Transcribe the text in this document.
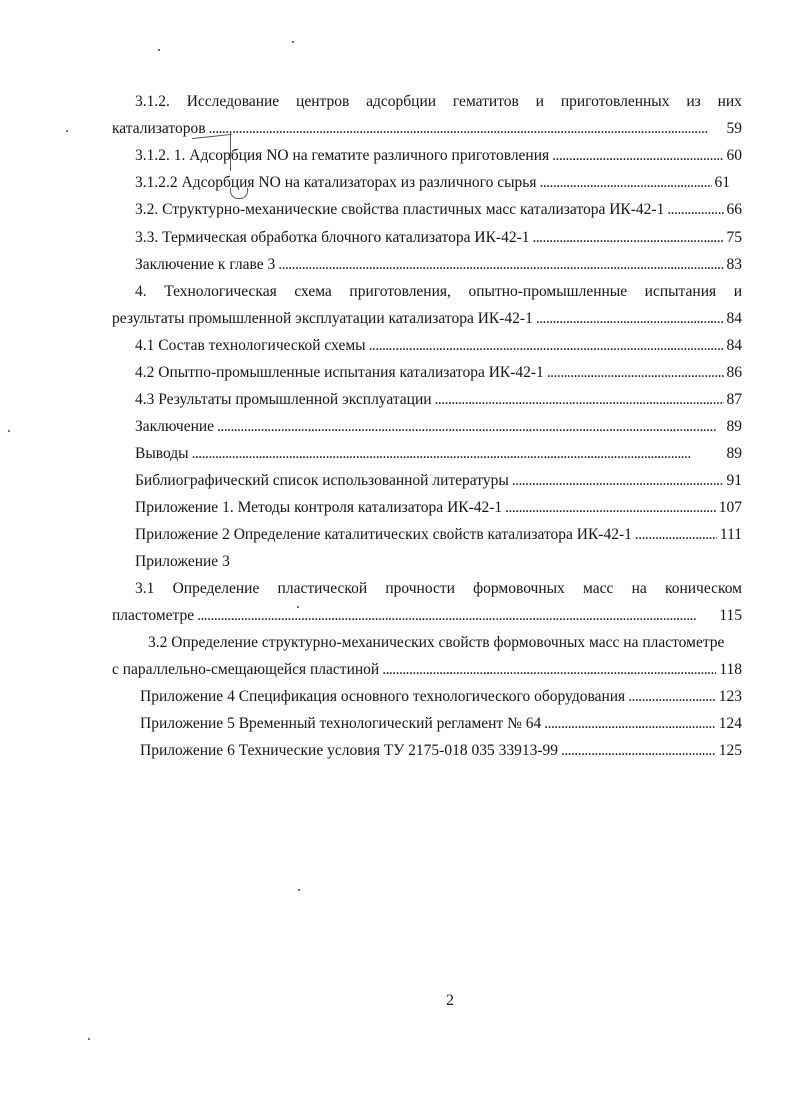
3.1.2. Исследование центров адсорбции гематитов и приготовленных из них
катализаторов . . .	59
3.1.2. 1. Адсорбция NO на гематите различного приготовления . . .	60
3.1.2.2 Адсорбция NO на катализаторах из различного сырья . . .	61
3.2. Структурно-механические свойства пластичных масс катализатора ИК-42-1 . . .	66
3.3. Термическая обработка блочного катализатора ИК-42-1 . . .	75
Заключение к главе 3 . . .	83
4. Технологическая схема приготовления, опытно-промышленные испытания и
результаты промышленной эксплуатации катализатора ИК-42-1 . . .	84
4.1 Состав технологической схемы . . .	84
4.2 Опытпо-промышленные испытания катализатора ИК-42-1 . . .	86
4.3 Результаты промышленной эксплуатации . . .	87
Заключение . . .	89
Выводы . . .	89
Библиографический список использованной литературы . . .	91
Приложение 1. Методы контроля катализатора ИК-42-1 . . .	107
Приложение 2 Определение каталитических свойств катализатора ИК-42-1 . . .	111
Приложение 3
3.1 Определение пластической прочности формовочных масс на коническом
пластометре . . .	115
3.2 Определение структурно-механических свойств формовочных масс на пластометре
с параллельно-смещающейся пластиной . . .	118
Приложение 4 Спецификация основного технологического оборудования . . .	123
Приложение 5 Временный технологический регламент № 64 . . .	124
Приложение 6 Технические условия ТУ 2175-018 035 33913-99 . . .	125
2
